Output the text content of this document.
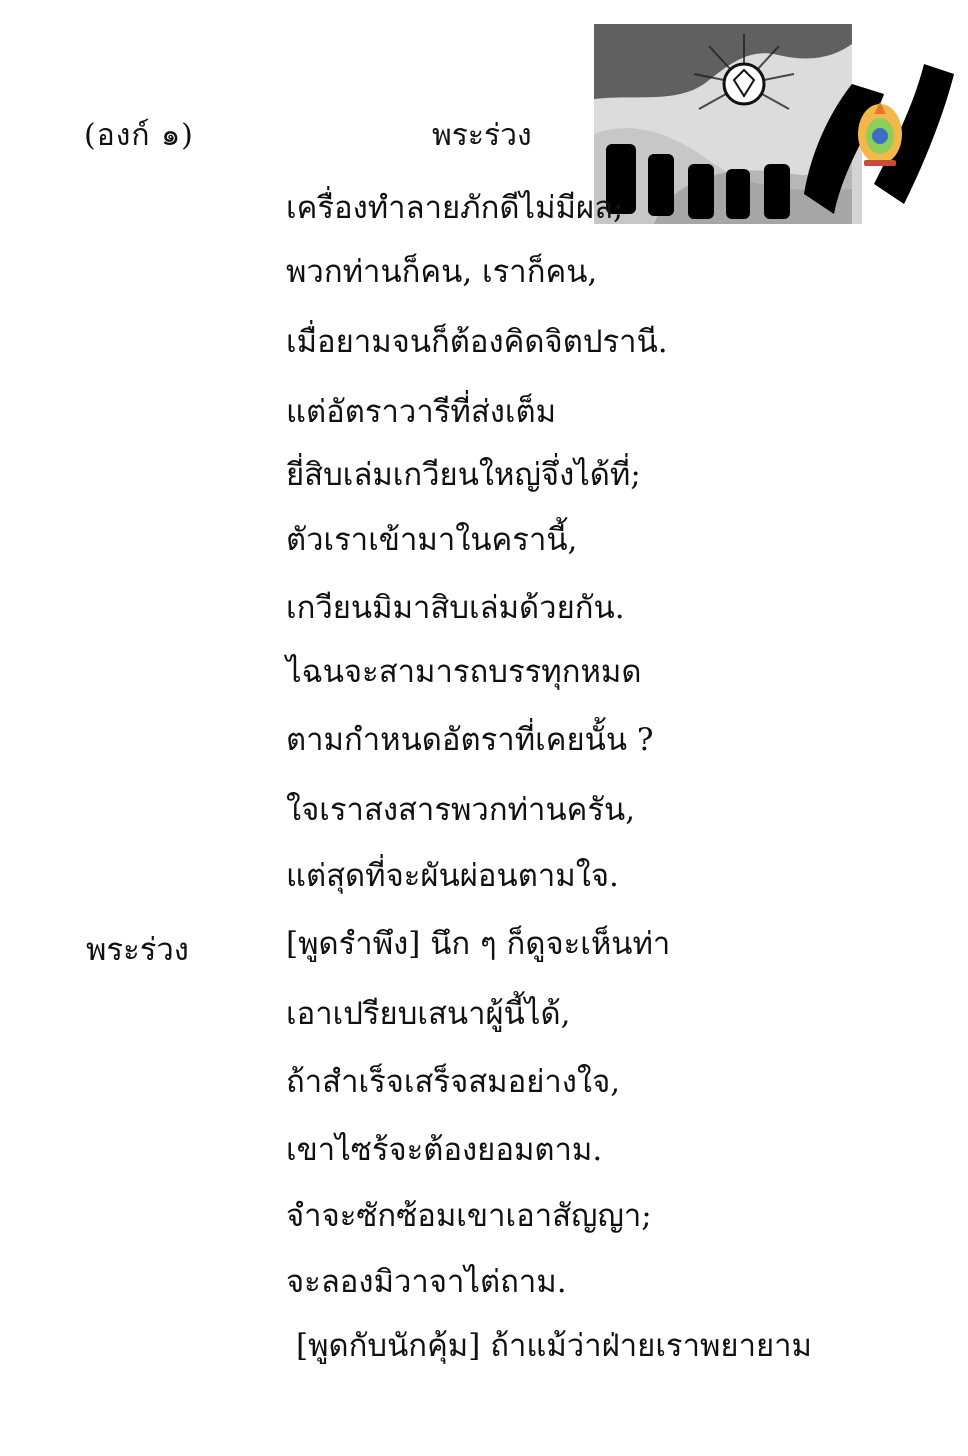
(องก์ ๑)	พระร่วง
พระร่วง
เครื่องทำลายภักดีไม่มีผล;
พวกท่านก็คน, เราก็คน,
เมื่อยามจนก็ต้องคิดจิตปรานี.
แต่อัตราวารีที่ส่งเต็ม
ยี่สิบเล่มเกวียนใหญ่จึ่งได้ที่;
ตัวเราเข้ามาในครานี้,
เกวียนมิมาสิบเล่มด้วยกัน.
ไฉนจะสามารถบรรทุกหมด
ตามกำหนดอัตราที่เคยนั้น ?
ใจเราสงสารพวกท่านครัน,
แต่สุดที่จะผันผ่อนตามใจ.
[พูดรำพึง] นึก ๆ ก็ดูจะเห็นท่า
เอาเปรียบเสนาผู้นี้ได้,
ถ้าสำเร็จเสร็จสมอย่างใจ,
เขาไซร้จะต้องยอมตาม.
จำจะซักซ้อมเขาเอาสัญญา;
จะลองมิวาจาไต่ถาม.
[พูดกับนักคุ้ม] ถ้าแม้ว่าฝ่ายเราพยายาม
